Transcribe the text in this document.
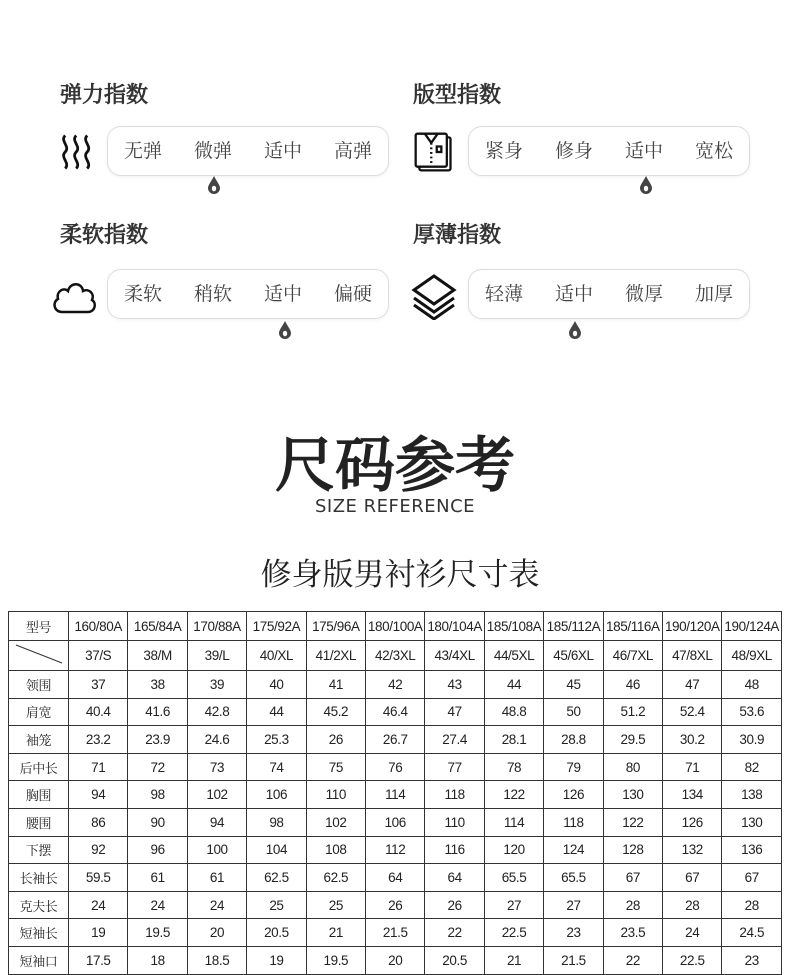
弹力指数
无弹	微弹	适中	高弹
版型指数
紧身	修身	适中	宽松
柔软指数
柔软	稍软	适中	偏硬
厚薄指数
轻薄	适中	微厚	加厚
尺码参考
SIZE REFERENCE
修身版男衬衫尺寸表
型号	160/80A	165/84A	170/88A	175/92A	175/96A	180/100A	180/104A	185/108A	185/112A	185/116A	190/120A	190/124A
	37/S	38/M	39/L	40/XL	41/2XL	42/3XL	43/4XL	44/5XL	45/6XL	46/7XL	47/8XL	48/9XL
领围	37	38	39	40	41	42	43	44	45	46	47	48
肩宽	40.4	41.6	42.8	44	45.2	46.4	47	48.8	50	51.2	52.4	53.6
袖笼	23.2	23.9	24.6	25.3	26	26.7	27.4	28.1	28.8	29.5	30.2	30.9
后中长	71	72	73	74	75	76	77	78	79	80	71	82
胸围	94	98	102	106	110	114	118	122	126	130	134	138
腰围	86	90	94	98	102	106	110	114	118	122	126	130
下摆	92	96	100	104	108	112	116	120	124	128	132	136
长袖长	59.5	61	61	62.5	62.5	64	64	65.5	65.5	67	67	67
克夫长	24	24	24	25	25	26	26	27	27	28	28	28
短袖长	19	19.5	20	20.5	21	21.5	22	22.5	23	23.5	24	24.5
短袖口	17.5	18	18.5	19	19.5	20	20.5	21	21.5	22	22.5	23
